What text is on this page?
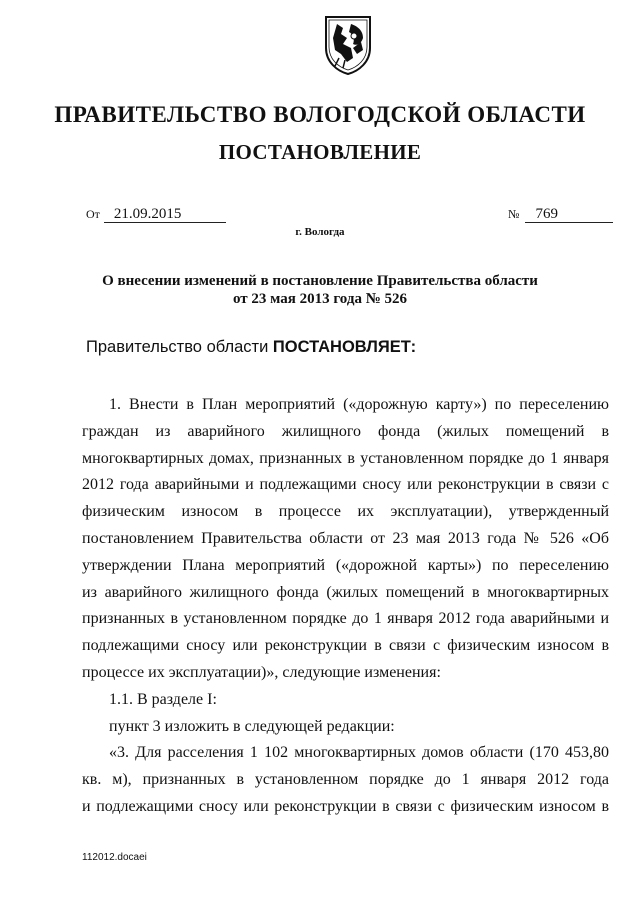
ПРАВИТЕЛЬСТВО ВОЛОГОДСКОЙ ОБЛАСТИ
ПОСТАНОВЛЕНИЕ
От 21.09.2015	№ 769
г. Вологда
О внесении изменений в постановление Правительства области
от 23 мая 2013 года № 526
Правительство области ПОСТАНОВЛЯЕТ:
1. Внести в План мероприятий («дорожную карту») по переселению
граждан из аварийного жилищного фонда (жилых помещений в
многоквартирных домах, признанных в установленном порядке до 1 января
2012 года аварийными и подлежащими сносу или реконструкции в связи с
физическим износом в процессе их эксплуатации), утвержденный
постановлением Правительства области от 23 мая 2013 года № 526 «Об
утверждении Плана мероприятий («дорожной карты») по переселению
из аварийного жилищного фонда (жилых помещений в многоквартирных
признанных в установленном порядке до 1 января 2012 года аварийными и
подлежащими сносу или реконструкции в связи с физическим износом в
процессе их эксплуатации)», следующие изменения:
1.1. В разделе I:
пункт 3 изложить в следующей редакции:
«3. Для расселения 1 102 многоквартирных домов области (170 453,80
кв. м), признанных в установленном порядке до 1 января 2012 года
и подлежащими сносу или реконструкции в связи с физическим износом в
112012.docaei
